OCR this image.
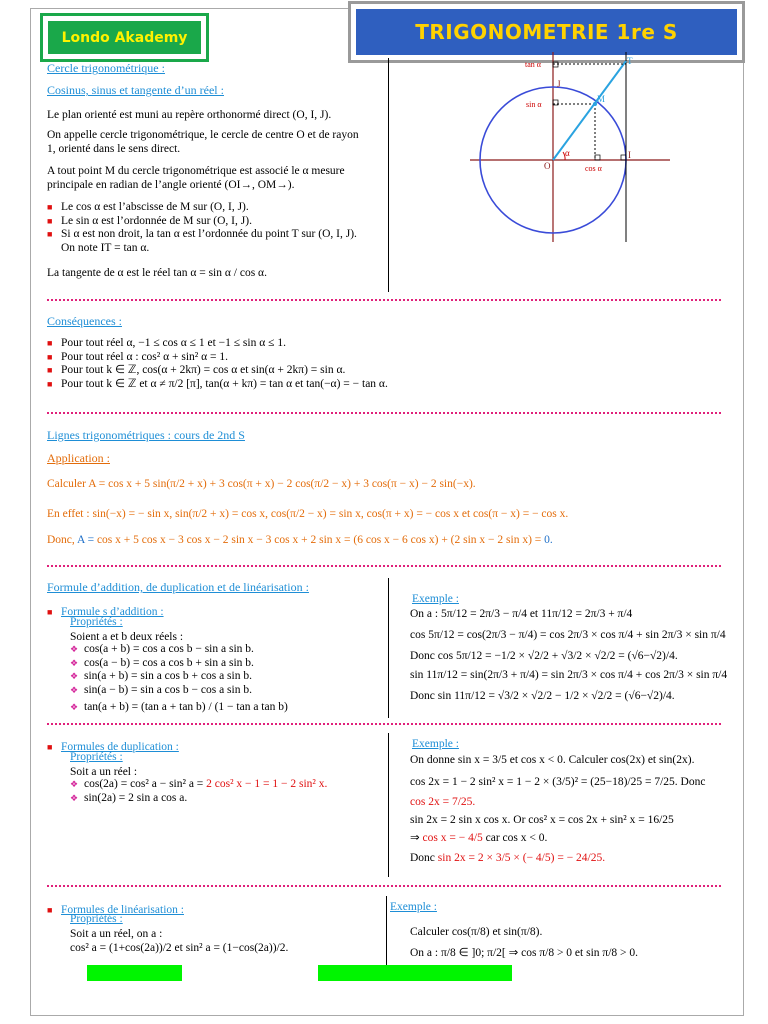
Londo Akademy	TRIGONOMETRIE 1re S
Cercle trigonométrique :
Cosinus, sinus et tangente d’un réel :
Le plan orienté est muni au repère orthonormé direct (O, I, J).
On appelle cercle trigonométrique, le cercle de centre O et de rayon
1, orienté dans le sens direct.
A tout point M du cercle trigonométrique est associé le α mesure
principale en radian de l’angle orienté (OI→, OM→).
■ Le cos α est l’abscisse de M sur (O, I, J).
■ Le sin α est l’ordonnée de M sur (O, I, J).
■ Si α est non droit, la tan α est l’ordonnée du point T sur (O, I, J).
On note IT = tan α.
La tangente de α est le réel tan α = sin α / cos α.
tan α
sin α
cos α
α
O
I
J
M
T
Conséquences :
■ Pour tout réel α, −1 ≤ cos α ≤ 1 et −1 ≤ sin α ≤ 1.
■ Pour tout réel α : cos² α + sin² α = 1.
■ Pour tout k ∈ ℤ, cos(α + 2kπ) = cos α et sin(α + 2kπ) = sin α.
■ Pour tout k ∈ ℤ et α ≠ π/2 [π], tan(α + kπ) = tan α et tan(−α) = − tan α.
Lignes trigonométriques : cours de 2nd S
Application :
Calculer A = cos x + 5 sin(π/2 + x) + 3 cos(π + x) − 2 cos(π/2 − x) + 3 cos(π − x) − 2 sin(−x).
En effet : sin(−x) = − sin x, sin(π/2 + x) = cos x, cos(π/2 − x) = sin x, cos(π + x) = − cos x et cos(π − x) = − cos x.
Donc, A = cos x + 5 cos x − 3 cos x − 2 sin x − 3 cos x + 2 sin x = (6 cos x − 6 cos x) + (2 sin x − 2 sin x) = 0.
Formule d’addition, de duplication et de linéarisation :
■ Formule s d’addition :
Propriétés :
Soient a et b deux réels :
❖ cos(a + b) = cos a cos b − sin a sin b.
❖ cos(a − b) = cos a cos b + sin a sin b.
❖ sin(a + b) = sin a cos b + cos a sin b.
❖ sin(a − b) = sin a cos b − cos a sin b.
❖ tan(a + b) = (tan a + tan b) / (1 − tan a tan b)
Exemple :
On a : 5π/12 = 2π/3 − π/4 et 11π/12 = 2π/3 + π/4
cos 5π/12 = cos(2π/3 − π/4) = cos 2π/3 × cos π/4 + sin 2π/3 × sin π/4
Donc cos 5π/12 = −1/2 × √2/2 + √3/2 × √2/2 = (√6−√2)/4.
sin 11π/12 = sin(2π/3 + π/4) = sin 2π/3 × cos π/4 + cos 2π/3 × sin π/4
Donc sin 11π/12 = √3/2 × √2/2 − 1/2 × √2/2 = (√6−√2)/4.
■ Formules de duplication :
Propriétés :
Soit a un réel :
❖ cos(2a) = cos² a − sin² a = 2 cos² x − 1 = 1 − 2 sin² x.
❖ sin(2a) = 2 sin a cos a.
Exemple :
On donne sin x = 3/5 et cos x < 0. Calculer cos(2x) et sin(2x).
cos 2x = 1 − 2 sin² x = 1 − 2 × (3/5)² = (25−18)/25 = 7/25. Donc
cos 2x = 7/25.
sin 2x = 2 sin x cos x. Or cos² x = cos 2x + sin² x = 16/25
⇒ cos x = − 4/5 car cos x < 0.
Donc sin 2x = 2 × 3/5 × (− 4/5) = − 24/25.
■ Formules de linéarisation :
Propriétés :
Soit a un réel, on a :
cos² a = (1+cos(2a))/2 et sin² a = (1−cos(2a))/2.
Exemple :
Calculer cos(π/8) et sin(π/8).
On a : π/8 ∈ ]0; π/2[ ⇒ cos π/8 > 0 et sin π/8 > 0.
